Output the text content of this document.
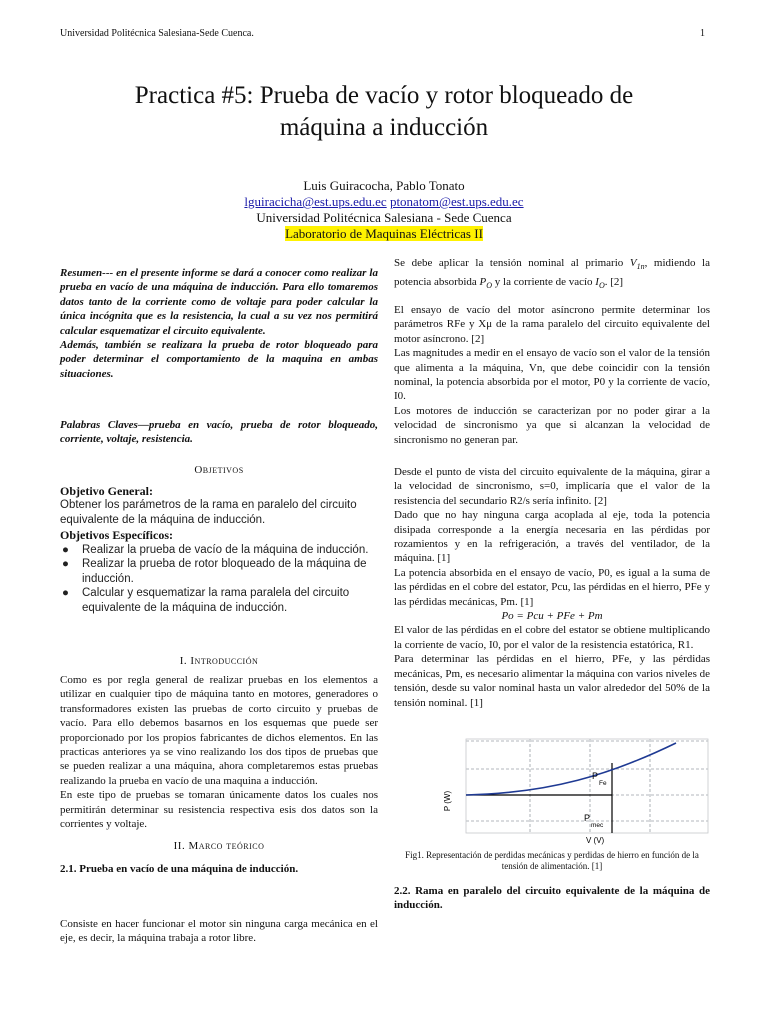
Universidad Politécnica Salesiana-Sede Cuenca.	1
Practica #5: Prueba de vacío y rotor bloqueado de
máquina a inducción
Luis Guiracocha, Pablo Tonato
lguiracicha@est.ups.edu.ec ptonatom@est.ups.edu.ec
Universidad Politécnica Salesiana - Sede Cuenca
Laboratorio de Maquinas Eléctricas II

Resumen--- en el presente informe se dará a conocer como realizar la prueba en vacío de una máquina de inducción. Para ello tomaremos datos tanto de la corriente como de voltaje para poder calcular la única incógnita que es la resistencia, la cual a su vez nos permitirá calcular esquematizar el circuito equivalente.

Además, también se realizara la prueba de rotor bloqueado para poder determinar el comportamiento de la maquina en ambas situaciones.

Palabras Claves—prueba en vacío, prueba de rotor bloqueado, corriente, voltaje, resistencia.
Objetivos
Objetivo General:
Obtener los parámetros de la rama en paralelo del circuito equivalente de la máquina de inducción.
Objetivos Específicos:
● Realizar la prueba de vacío de la máquina de inducción.
● Realizar la prueba de rotor bloqueado de la máquina de inducción.
● Calcular y esquematizar la rama paralela del circuito equivalente de la máquina de inducción.
I. Introducción

Como es por regla general de realizar pruebas en los elementos a utilizar en cualquier tipo de máquina tanto en motores, generadores o transformadores existen las pruebas de corto circuito y pruebas de vacío. Para ello debemos basarnos en los esquemas que puede ser proporcionado por los propios fabricantes de dichos elementos. En las practicas anteriores ya se vino realizando los dos tipos de pruebas que se pueden realizar a una máquina, ahora completaremos estas pruebas realizando la prueba en vacío de una maquina a inducción.

En este tipo de pruebas se tomaran únicamente datos los cuales nos permitirán determinar su resistencia respectiva esis dos datos son la corrientes y voltaje.

II. Marco teórico
2.1. Prueba en vacío de una máquina de inducción.
Consiste en hacer funcionar el motor sin ninguna carga mecánica en el eje, es decir, la máquina trabaja a rotor libre.
Se debe aplicar la tensión nominal al primario $V_{1n}$, midiendo la potencia absorbida $P_O$ y la corriente de vacío $I_O$. [2]

El ensayo de vacío del motor asíncrono permite determinar los parámetros RFe y Xμ de la rama paralelo del circuito equivalente del motor asíncrono. [2]

Las magnitudes a medir en el ensayo de vacío son el valor de la tensión que alimenta a la máquina, Vn, que debe coincidir con la tensión nominal, la potencia absorbida por el motor, P0 y la corriente de vacío, I0.

Los motores de inducción se caracterizan por no poder girar a la velocidad de sincronismo ya que si alcanzan la velocidad de sincronismo no generan par.

Desde el punto de vista del circuito equivalente de la máquina, girar a la velocidad de sincronismo, s=0, implicaría que el valor de la resistencia del secundario R2/s sería infinito. [2]

Dado que no hay ninguna carga acoplada al eje, toda la potencia disipada corresponde a la energía necesaria en las pérdidas por rozamientos y en la refrigeración, a través del ventilador, de la máquina. [1]

La potencia absorbida en el ensayo de vacío, P0, es igual a la suma de las pérdidas en el cobre del estator, Pcu, las pérdidas en el hierro, PFe y las pérdidas mecánicas, Pm. [1]

Po = Pcu + PFe + Pm

El valor de las pérdidas en el cobre del estator se obtiene multiplicando la corriente de vacío, I0, por el valor de la resistencia estatórica, R1.

Para determinar las pérdidas en el hierro, PFe, y las pérdidas mecánicas, Pm, es necesario alimentar la máquina con varios niveles de tensión, desde su valor nominal hasta un valor alrededor del 50% de la tensión nominal. [1]

P (W)
V (V)
P
Fe
P
mec
Fig1. Representación de perdidas mecánicas y perdidas de hierro en función de la tensión de alimentación. [1]
2.2. Rama en paralelo del circuito equivalente de la máquina de inducción.
